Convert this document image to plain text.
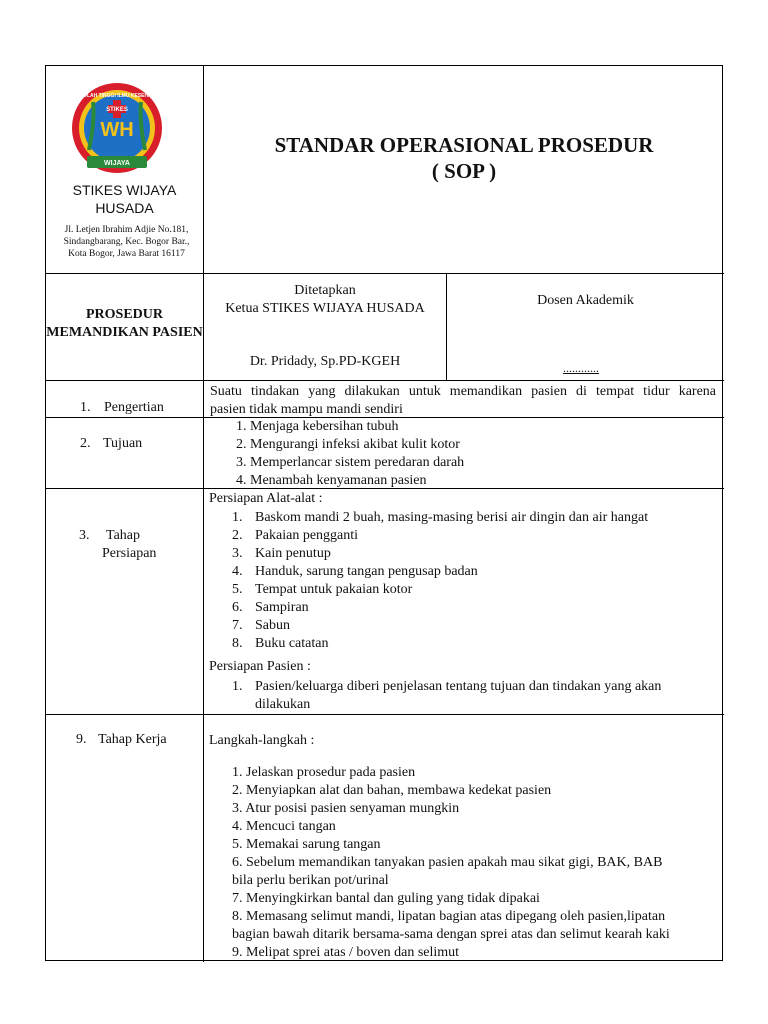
WH
SEKOLAH TINGGI ILMU KESEHATAN
STIKES
WIJAYA
STIKES WIJAYA HUSADA
Jl. Letjen Ibrahim Adjie No.181, Sindangbarang, Kec. Bogor Bar., Kota Bogor, Jawa Barat 16117
STANDAR OPERASIONAL PROSEDUR
( SOP )
PROSEDUR MEMANDIKAN PASIEN
Ditetapkan
Ketua STIKES WIJAYA HUSADA
Dr. Pridady, Sp.PD-KGEH
Dosen Akademik
............
1. Pengertian
Suatu tindakan yang dilakukan untuk memandikan pasien di tempat tidur karena
pasien tidak mampu mandi sendiri
2. Tujuan
1. Menjaga kebersihan tubuh
2. Mengurangi infeksi akibat kulit kotor
3. Memperlancar sistem peredaran darah
4. Menambah kenyamanan pasien
3. Tahap
Persiapan
Persiapan Alat-alat :
1. Baskom mandi 2 buah, masing-masing berisi air dingin dan air hangat
2. Pakaian pengganti
3. Kain penutup
4. Handuk, sarung tangan pengusap badan
5. Tempat untuk pakaian kotor
6. Sampiran
7. Sabun
8. Buku catatan
Persiapan Pasien :
1. Pasien/keluarga diberi penjelasan tentang tujuan dan tindakan yang akan
dilakukan
9. Tahap Kerja	Langkah-langkah :
1. Jelaskan prosedur pada pasien
2. Menyiapkan alat dan bahan, membawa kedekat pasien
3. Atur posisi pasien senyaman mungkin
4. Mencuci tangan
5. Memakai sarung tangan
6. Sebelum memandikan tanyakan pasien apakah mau sikat gigi, BAK, BAB
bila perlu berikan pot/urinal
7. Menyingkirkan bantal dan guling yang tidak dipakai
8. Memasang selimut mandi, lipatan bagian atas dipegang oleh pasien,lipatan
bagian bawah ditarik bersama-sama dengan sprei atas dan selimut kearah kaki
9. Melipat sprei atas / boven dan selimut
